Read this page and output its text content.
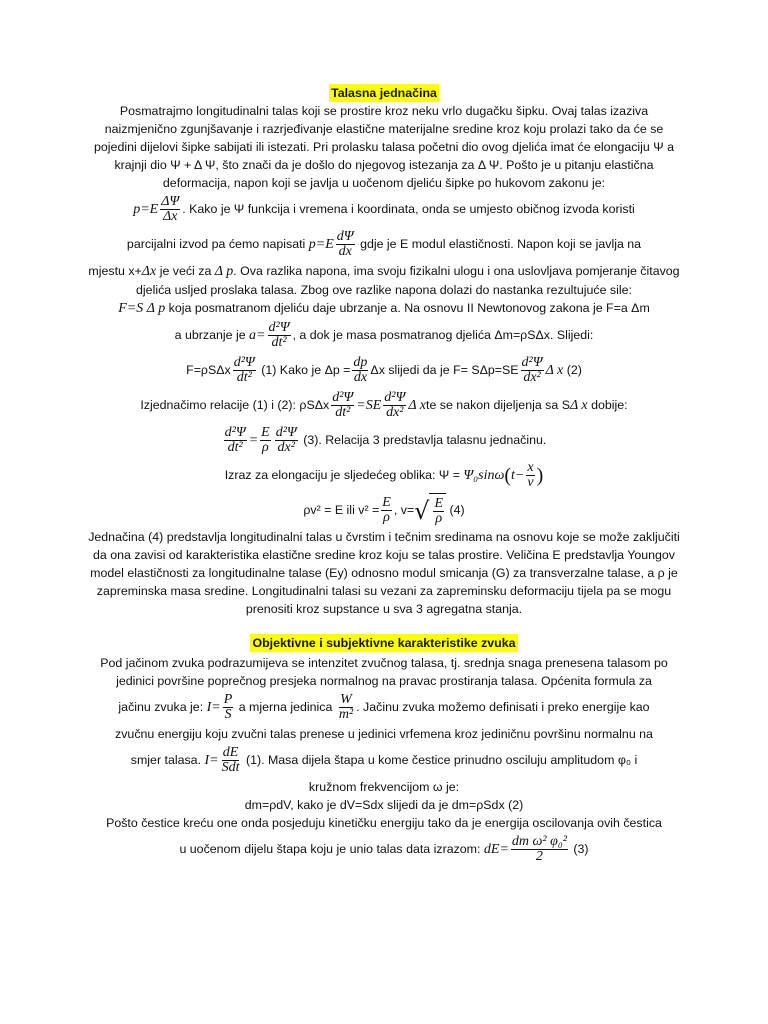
Talasna jednačina

Posmatrajmo longitudinalni talas koji se prostire kroz neku vrlo dugačku šipku. Ovaj talas izaziva naizmjenično zgunjšavanje i razrjeđivanje elastične materijalne sredine kroz koju prolazi tako da će se pojedini dijelovi šipke sabijati ili istezati. Pri prolasku talasa početni dio ovog djelića imat će elongaciju Ψ a krajnji dio Ψ + Δ Ψ, što znači da je došlo do njegovog istezanja za Δ Ψ. Pošto je u pitanju elastična deformacija, napon koji se javlja u uočenom djeliću šipke po hukovom zakonu je:

$p=E \frac{\Delta\Psi}{\Delta x}$ . Kako je Ψ funkcija i vremena i koordinata, onda se umjesto običnog izvoda koristi

parcijalni izvod pa ćemo napisati $p=E \frac{d\Psi}{dx}$ gdje je E modul elastičnosti. Napon koji se javlja na

mjestu x+Δx je veći za Δ p. Ova razlika napona, ima svoju fizikalni ulogu i ona uslovljava pomjeranje čitavog djelića usljed proslaka talasa. Zbog ove razlike napona dolazi do nastanka rezultujuće sile:

F=S Δ p koja posmatranom djeliću daje ubrzanje a. Na osnovu II Newtonovog zakona je F=a Δm

a ubrzanje je $a= \frac{\text{d²Ψ}}{\text{dt²}}$ , a dok je masa posmatranog djelića Δm=ρSΔx. Slijedi:

$F=\rho S\Delta x \frac{\text{d²Ψ}}{\text{dt²}} (1)$ Kako je $\Delta p = \frac{dp}{dx}$ Δx slijedi da je $F= S\Delta p=SE \frac{\text{d²Ψ}}{\text{dx²}}$ Δ x (2)

Izjednačimo relacije (1) i (2): ρSΔx $\frac{\text{d²Ψ}}{\text{dt²}} =SE \frac{\text{d²Ψ}}{\text{dx²}}$ Δ xte se nakon dijeljenja sa SΔ x dobije:

$\frac{\text{d²Ψ}}{\text{dt²}} = \frac{E}{\rho} \frac{\text{d²Ψ}}{\text{dx²}} (3)$. Relacija 3 predstavlja talasnu jednačinu.

Izraz za elongaciju je sljedećeg oblika: $\Psi = \Psi_0\sin\omega(t- \frac{x}{v}$ )

ρv² = E ili $v^2 = \frac{E}{\rho}$ , v= √ $\frac{E}{\rho} (4)$

Jednačina (4) predstavlja longitudinalni talas u čvrstim i tečnim sredinama na osnovu koje se može zaključiti da ona zavisi od karakteristika elastične sredine kroz koju se talas prostire. Veličina E predstavlja Youngov model elastičnosti za longitudinalne talase (Ey) odnosno modul smicanja (G) za transverzalne talase, a ρ je zapreminska masa sredine. Longitudinalni talasi su vezani za zapreminsku deformaciju tijela pa se mogu prenositi kroz supstance u sva 3 agregatna stanja.

Objektivne i subjektivne karakteristike zvuka

Pod jačinom zvuka podrazumijeva se intenzitet zvučnog talasa, tj. srednja snaga prenesena talasom po jedinici površine poprečnog presjeka normalnog na pravac prostiranja talasa. Općenita formula za

jačinu zvuka je: $I= \frac{P}{S}$ a mjerna jedinica $\frac{W}{\text{m²}}$ . Jačinu zvuka možemo definisati i preko energije kao

zvučnu energiju koju zvučni talas prenese u jedinici vrfemena kroz jediničnu površinu normalnu na

smjer talasa. $I= \frac{dE}{\text{Sdt}} (1)$. Masa dijela štapa u kome čestice prinudno osciluju amplitudom φ₀ i

kružnom frekvencijom ω je:

dm=ρdV, kako je dV=Sdx slijedi da je dm=ρSdx (2)

Pošto čestice kreću one onda posjeduju kinetičku energiju tako da je energija oscilovanja ovih čestica

u uočenom dijelu štapa koju je unio talas data izrazom: $dE= \frac{\text{dm ω² φ₀²}}{2} (3)$
